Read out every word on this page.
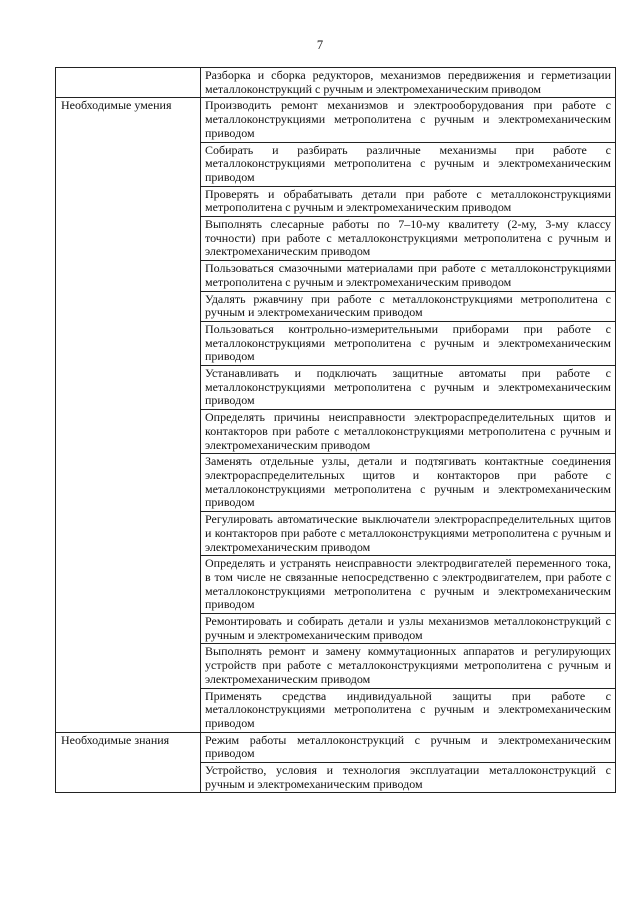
7
	Разборка и сборка редукторов, механизмов передвижения и герметизации металлоконструкций с ручным и электромеханическим приводом
Необходимые умения	Производить ремонт механизмов и электрооборудования при работе с металлоконструкциями метрополитена с ручным и электромеханическим приводом
	Собирать и разбирать различные механизмы при работе с металлоконструкциями метрополитена с ручным и электромеханическим приводом
	Проверять и обрабатывать детали при работе с металлоконструкциями метрополитена с ручным и электромеханическим приводом
	Выполнять слесарные работы по 7–10-му квалитету (2-му, 3-му классу точности) при работе с металлоконструкциями метрополитена с ручным и электромеханическим приводом
	Пользоваться смазочными материалами при работе с металлоконструкциями метрополитена с ручным и электромеханическим приводом
	Удалять ржавчину при работе с металлоконструкциями метрополитена с ручным и электромеханическим приводом
	Пользоваться контрольно-измерительными приборами при работе с металлоконструкциями метрополитена с ручным и электромеханическим приводом
	Устанавливать и подключать защитные автоматы при работе с металлоконструкциями метрополитена с ручным и электромеханическим приводом
	Определять причины неисправности электрораспределительных щитов и контакторов при работе с металлоконструкциями метрополитена с ручным и электромеханическим приводом
	Заменять отдельные узлы, детали и подтягивать контактные соединения электрораспределительных щитов и контакторов при работе с металлоконструкциями метрополитена с ручным и электромеханическим приводом
	Регулировать автоматические выключатели электрораспределительных щитов и контакторов при работе с металлоконструкциями метрополитена с ручным и электромеханическим приводом
	Определять и устранять неисправности электродвигателей переменного тока, в том числе не связанные непосредственно с электродвигателем, при работе с металлоконструкциями метрополитена с ручным и электромеханическим приводом
	Ремонтировать и собирать детали и узлы механизмов металлоконструкций с ручным и электромеханическим приводом
	Выполнять ремонт и замену коммутационных аппаратов и регулирующих устройств при работе с металлоконструкциями метрополитена с ручным и электромеханическим приводом
	Применять средства индивидуальной защиты при работе с металлоконструкциями метрополитена с ручным и электромеханическим приводом
Необходимые знания	Режим работы металлоконструкций с ручным и электромеханическим приводом
	Устройство, условия и технология эксплуатации металлоконструкций с ручным и электромеханическим приводом
